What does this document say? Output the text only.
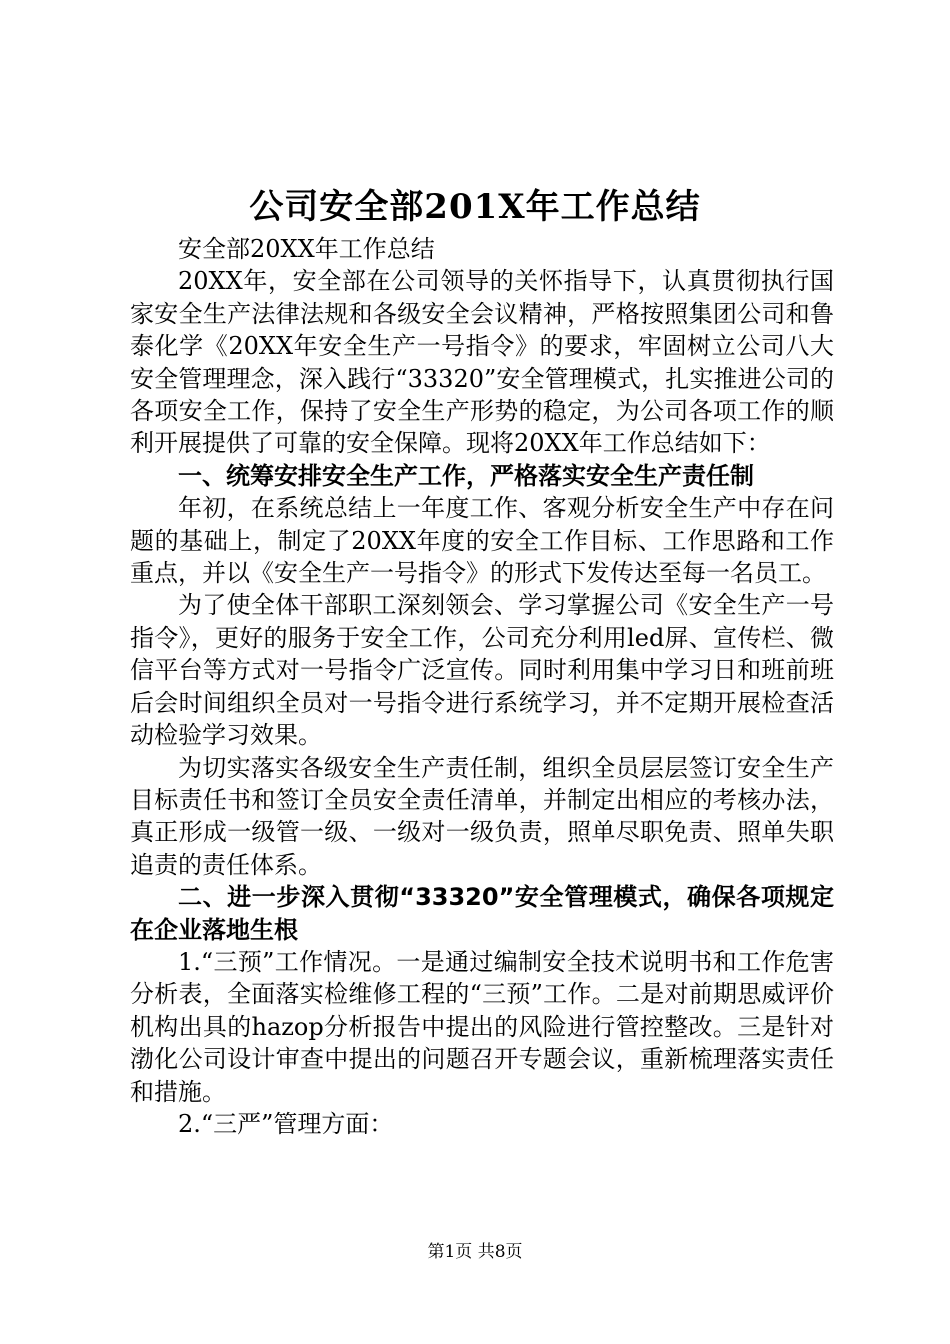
公司安全部201X年工作总结

安全部20XX年工作总结

20XX年，安全部在公司领导的关怀指导下，认真贯彻执行国家安全生产法律法规和各级安全会议精神，严格按照集团公司和鲁泰化学《20XX年安全生产一号指令》的要求，牢固树立公司八大安全管理理念，深入践行“33320”安全管理模式，扎实推进公司的各项安全工作，保持了安全生产形势的稳定，为公司各项工作的顺利开展提供了可靠的安全保障。现将20XX年工作总结如下：

一、统筹安排安全生产工作，严格落实安全生产责任制

年初，在系统总结上一年度工作、客观分析安全生产中存在问题的基础上，制定了20XX年度的安全工作目标、工作思路和工作重点，并以《安全生产一号指令》的形式下发传达至每一名员工。

为了使全体干部职工深刻领会、学习掌握公司《安全生产一号指令》，更好的服务于安全工作，公司充分利用led屏、宣传栏、微信平台等方式对一号指令广泛宣传。同时利用集中学习日和班前班后会时间组织全员对一号指令进行系统学习，并不定期开展检查活动检验学习效果。

为切实落实各级安全生产责任制，组织全员层层签订安全生产目标责任书和签订全员安全责任清单，并制定出相应的考核办法，真正形成一级管一级、一级对一级负责，照单尽职免责、照单失职追责的责任体系。

二、进一步深入贯彻“33320”安全管理模式，确保各项规定在企业落地生根

1.“三预”工作情况。一是通过编制安全技术说明书和工作危害分析表，全面落实检维修工程的“三预”工作。二是对前期思威评价机构出具的hazop分析报告中提出的风险进行管控整改。三是针对渤化公司设计审查中提出的问题召开专题会议，重新梳理落实责任和措施。

2.“三严”管理方面：

第1页 共8页
